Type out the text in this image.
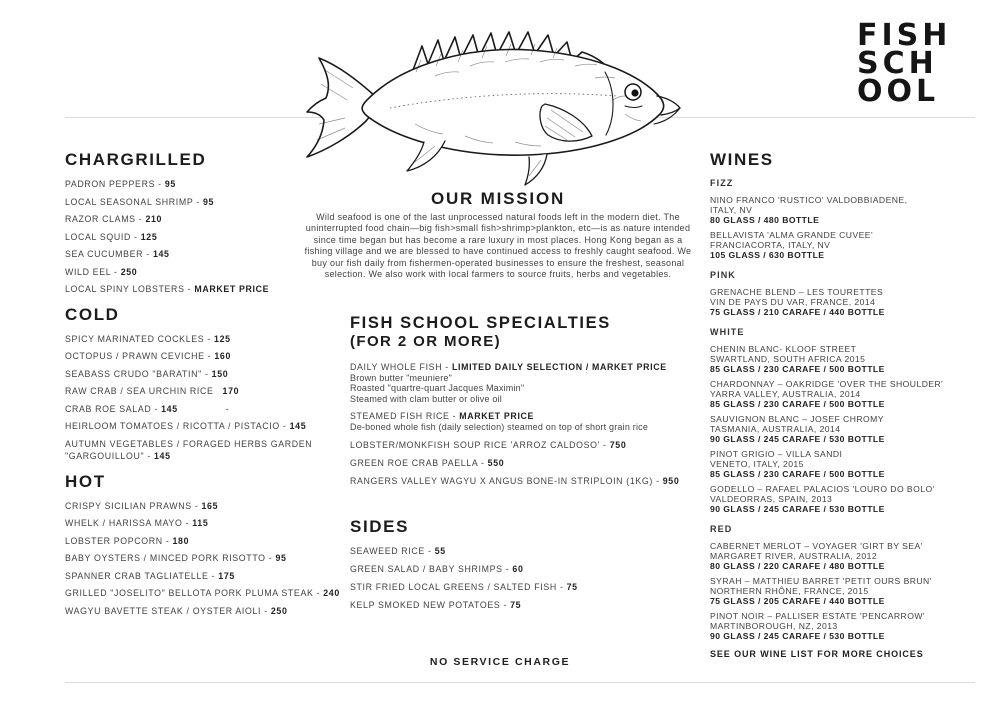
FISH
SCH
OOL
CHARGRILLED

PADRON PEPPERS - 95

LOCAL SEASONAL SHRIMP - 95

RAZOR CLAMS - 210

LOCAL SQUID - 125

SEA CUCUMBER - 145

WILD EEL - 250

LOCAL SPINY LOBSTERS - MARKET PRICE

COLD

SPICY MARINATED COCKLES - 125

OCTOPUS / PRAWN CEVICHE - 160

SEABASS CRUDO "BARATIN" - 150

RAW CRAB / SEA URCHIN RICE 170

CRAB ROE SALAD - 145	-

HEIRLOOM TOMATOES / RICOTTA / PISTACIO - 145

AUTUMN VEGETABLES / FORAGED HERBS GARDEN "GARGOUILLOU" - 145

HOT

CRISPY SICILIAN PRAWNS - 165

WHELK / HARISSA MAYO - 115

LOBSTER POPCORN - 180

BABY OYSTERS / MINCED PORK RISOTTO - 95

SPANNER CRAB TAGLIATELLE - 175

GRILLED "JOSELITO" BELLOTA PORK PLUMA STEAK - 240

WAGYU BAVETTE STEAK / OYSTER AIOLI - 250

OUR MISSION

Wild seafood is one of the last unprocessed natural foods left in the modern diet. The uninterrupted food chain—big fish>small fish>shrimp>plankton, etc—is as nature intended since time began but has become a rare luxury in most places. Hong Kong began as a fishing village and we are blessed to have continued access to freshly caught seafood. We buy our fish daily from fishermen-operated businesses to ensure the freshest, seasonal selection. We also work with local farmers to source fruits, herbs and vegetables.

FISH SCHOOL SPECIALTIES

(FOR 2 OR MORE)

DAILY WHOLE FISH - LIMITED DAILY SELECTION / MARKET PRICE

Brown butter "meuniere"

Roasted "quartre-quart Jacques Maximin"

Steamed with clam butter or olive oil

STEAMED FISH RICE - MARKET PRICE

De-boned whole fish (daily selection) steamed on top of short grain rice

LOBSTER/MONKFISH SOUP RICE 'ARROZ CALDOSO' - 750

GREEN ROE CRAB PAELLA - 550

RANGERS VALLEY WAGYU X ANGUS BONE-IN STRIPLOIN (1KG) - 950

SIDES

SEAWEED RICE - 55

GREEN SALAD / BABY SHRIMPS - 60

STIR FRIED LOCAL GREENS / SALTED FISH - 75

KELP SMOKED NEW POTATOES - 75

NO SERVICE CHARGE

WINES

FIZZ

NINO FRANCO 'RUSTICO' VALDOBBIADENE,

ITALY, NV

80 GLASS / 480 BOTTLE

BELLAVISTA 'ALMA GRANDE CUVEE'

FRANCIACORTA, ITALY, NV

105 GLASS / 630 BOTTLE

PINK

GRENACHE BLEND – LES TOURETTES

VIN DE PAYS DU VAR, FRANCE, 2014

75 GLASS / 210 CARAFE / 440 BOTTLE

WHITE

CHENIN BLANC- KLOOF STREET

SWARTLAND, SOUTH AFRICA 2015

85 GLASS / 230 CARAFE / 500 BOTTLE

CHARDONNAY – OAKRIDGE 'OVER THE SHOULDER'

YARRA VALLEY, AUSTRALIA, 2014

85 GLASS / 230 CARAFE / 500 BOTTLE

SAUVIGNON BLANC – JOSEF CHROMY

TASMANIA, AUSTRALIA, 2014

90 GLASS / 245 CARAFE / 530 BOTTLE

PINOT GRIGIO – VILLA SANDI

VENETO, ITALY, 2015

85 GLASS / 230 CARAFE / 500 BOTTLE

GODELLO – RAFAEL PALACIOS 'LOURO DO BOLO'

VALDEORRAS, SPAIN, 2013

90 GLASS / 245 CARAFE / 530 BOTTLE

RED

CABERNET MERLOT – VOYAGER 'GIRT BY SEA'

MARGARET RIVER, AUSTRALIA, 2012

80 GLASS / 220 CARAFE / 480 BOTTLE

SYRAH – MATTHIEU BARRET 'PETIT OURS BRUN'

NORTHERN RHÔNE, FRANCE, 2015

75 GLASS / 205 CARAFE / 440 BOTTLE

PINOT NOIR – PALLISER ESTATE 'PENCARROW'

MARTINBOROUGH, NZ, 2013

90 GLASS / 245 CARAFE / 530 BOTTLE

SEE OUR WINE LIST FOR MORE CHOICES
